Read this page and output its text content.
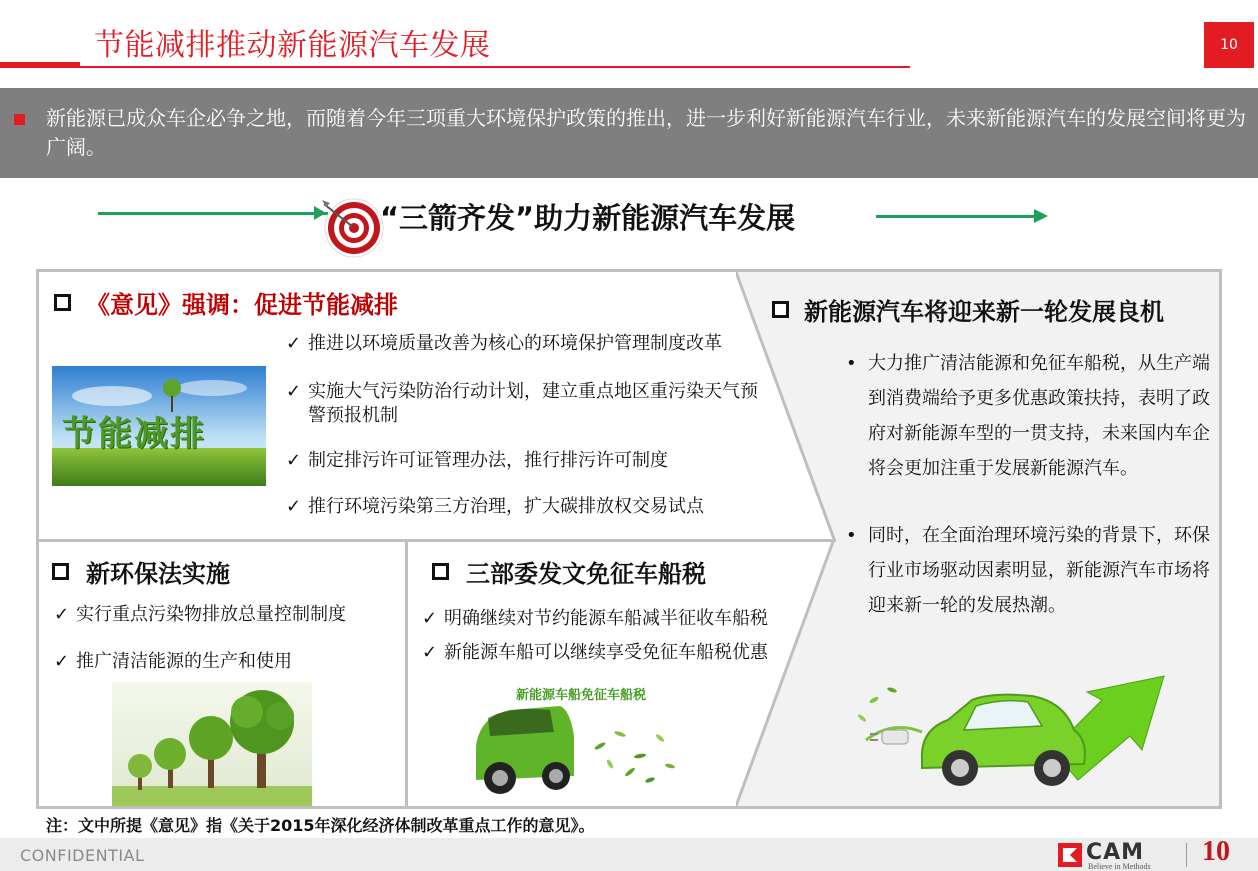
节能减排推动新能源汽车发展	10
新能源已成众车企必争之地，而随着今年三项重大环境保护政策的推出，进一步利好新能源汽车行业，未来新能源汽车的发展空间将更为广阔。
“三箭齐发”助力新能源汽车发展
《意见》强调：促进节能减排
节能减排
✓ 推进以环境质量改善为核心的环境保护管理制度改革
✓ 实施大气污染防治行动计划，建立重点地区重污染天气预警预报机制
✓ 制定排污许可证管理办法，推行排污许可制度
✓ 推行环境污染第三方治理，扩大碳排放权交易试点
新环保法实施
✓ 实行重点污染物排放总量控制制度
✓ 推广清洁能源的生产和使用
三部委发文免征车船税
✓ 明确继续对节约能源车船减半征收车船税
✓ 新能源车船可以继续享受免征车船税优惠
新能源车船免征车船税
新能源汽车将迎来新一轮发展良机
• 大力推广清洁能源和免征车船税，从生产端到消费端给予更多优惠政策扶持，表明了政府对新能源车型的一贯支持，未来国内车企将会更加注重于发展新能源汽车。
• 同时，在全面治理环境污染的背景下，环保行业市场驱动因素明显，新能源汽车市场将迎来新一轮的发展热潮。
注：文中所提《意见》指《关于2015年深化经济体制改革重点工作的意见》。
CONFIDENTIAL	CAM
Believe in Methods 10
